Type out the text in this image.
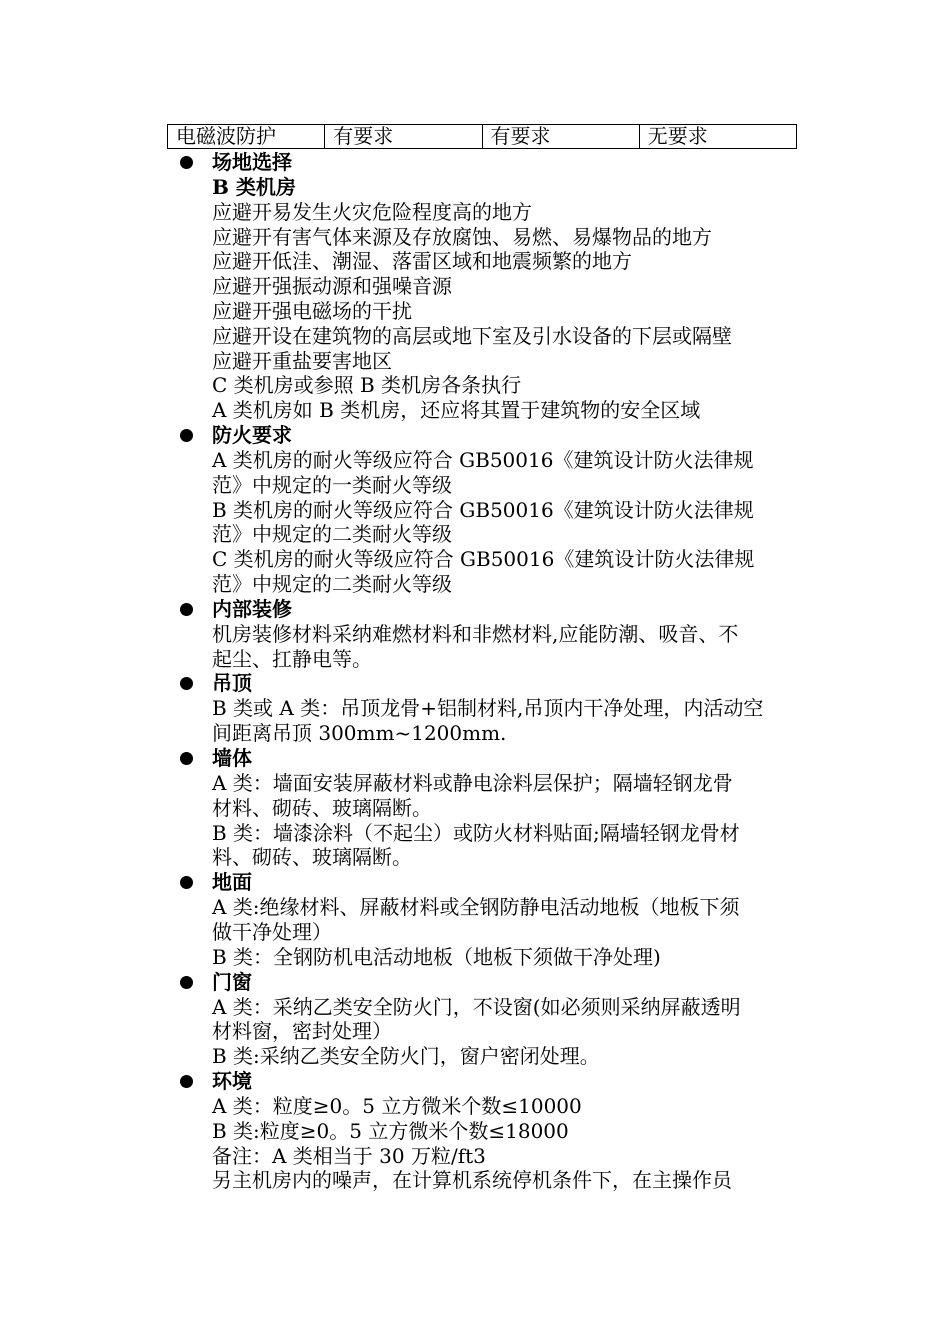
电磁波防护	有要求	有要求	无要求
场地选择
B 类机房
应避开易发生火灾危险程度高的地方
应避开有害气体来源及存放腐蚀、易燃、易爆物品的地方
应避开低洼、潮湿、落雷区域和地震频繁的地方
应避开强振动源和强噪音源
应避开强电磁场的干扰
应避开设在建筑物的高层或地下室及引水设备的下层或隔壁
应避开重盐要害地区
C 类机房或参照 B 类机房各条执行
A 类机房如 B 类机房，还应将其置于建筑物的安全区域
防火要求
A 类机房的耐火等级应符合 GB50016《建筑设计防火法律规
范》中规定的一类耐火等级
B 类机房的耐火等级应符合 GB50016《建筑设计防火法律规
范》中规定的二类耐火等级
C 类机房的耐火等级应符合 GB50016《建筑设计防火法律规
范》中规定的二类耐火等级
内部装修
机房装修材料采纳难燃材料和非燃材料,应能防潮、吸音、不
起尘、扛静电等。
吊顶
B 类或 A 类：吊顶龙骨+铝制材料,吊顶内干净处理，内活动空
间距离吊顶 300mm~1200mm.
墙体
A 类：墙面安装屏蔽材料或静电涂料层保护；隔墙轻钢龙骨
材料、砌砖、玻璃隔断。
B 类：墙漆涂料（不起尘）或防火材料贴面;隔墙轻钢龙骨材
料、砌砖、玻璃隔断。
地面
A 类:绝缘材料、屏蔽材料或全钢防静电活动地板（地板下须
做干净处理）
B 类：全钢防机电活动地板（地板下须做干净处理)
门窗
A 类：采纳乙类安全防火门，不设窗(如必须则采纳屏蔽透明
材料窗，密封处理）
B 类:采纳乙类安全防火门，窗户密闭处理。
环境
A 类：粒度≥0。5 立方微米个数≤10000
B 类:粒度≥0。5 立方微米个数≤18000
备注：A 类相当于 30 万粒/ft3
另主机房内的噪声，在计算机系统停机条件下，在主操作员
